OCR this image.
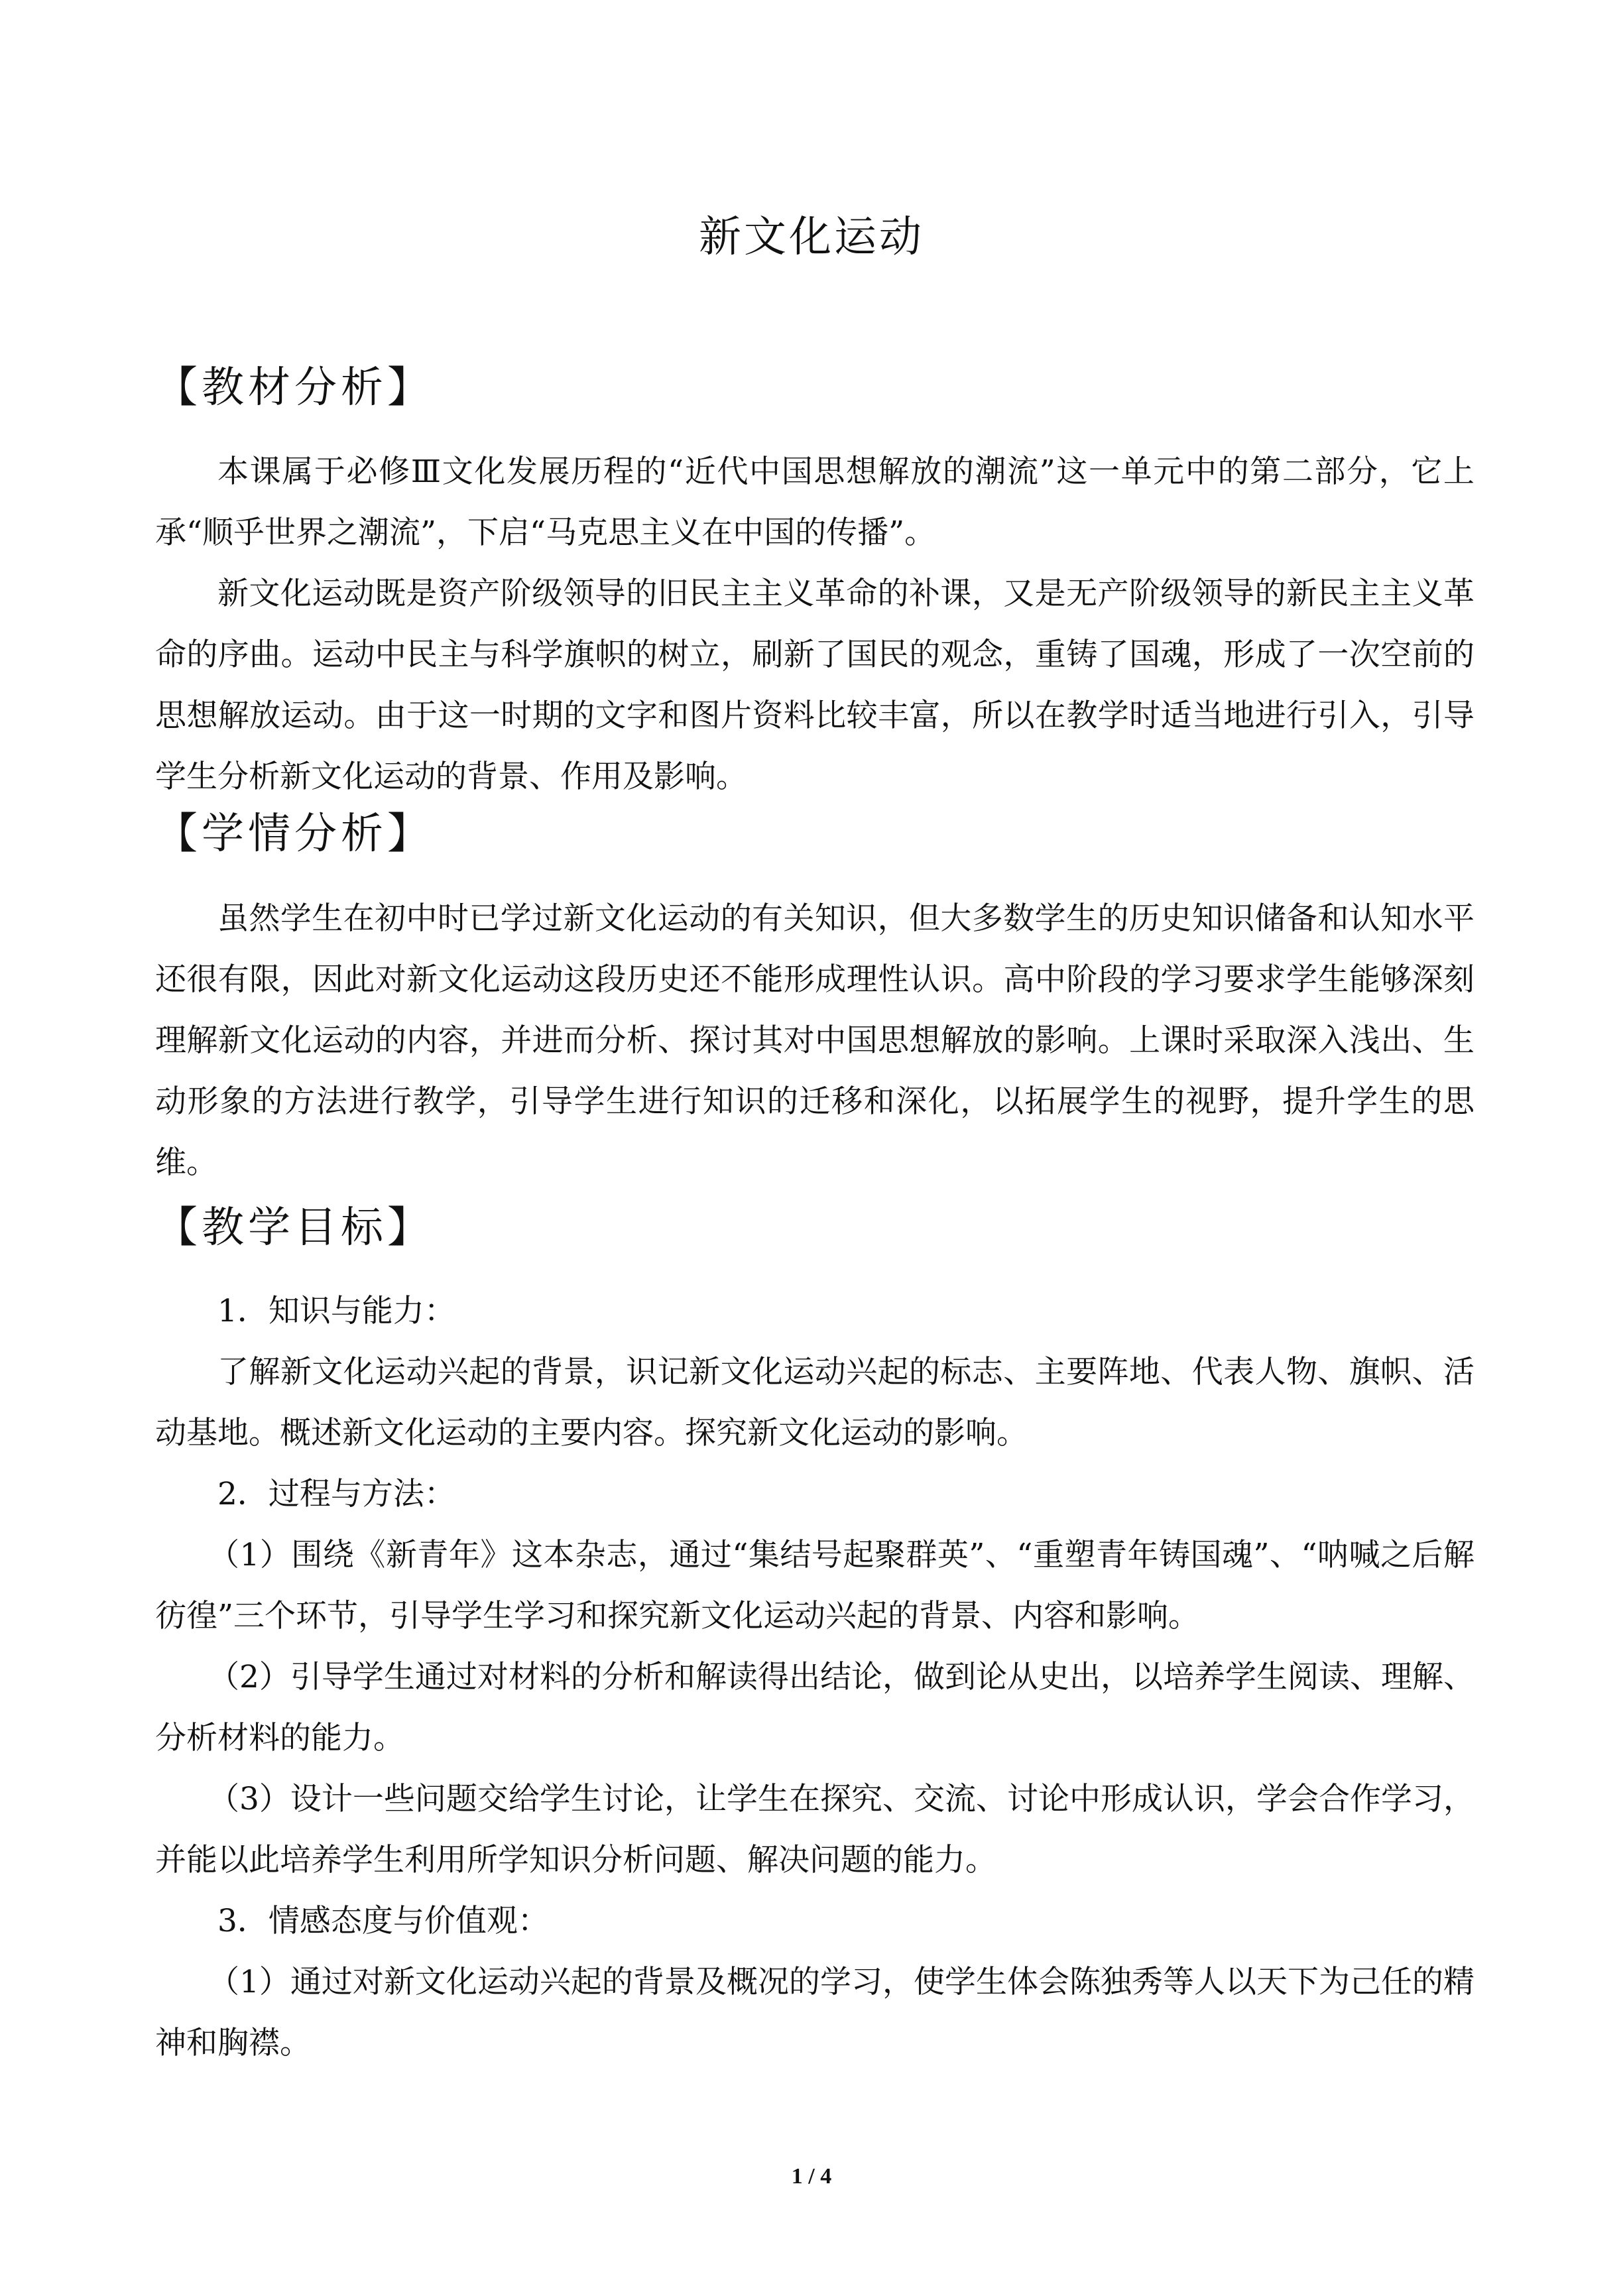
新文化运动
【教材分析】

本课属于必修Ⅲ文化发展历程的“近代中国思想解放的潮流”这一单元中的第二部分，它上承“顺乎世界之潮流”，下启“马克思主义在中国的传播”。

新文化运动既是资产阶级领导的旧民主主义革命的补课，又是无产阶级领导的新民主主义革命的序曲。运动中民主与科学旗帜的树立，刷新了国民的观念，重铸了国魂，形成了一次空前的思想解放运动。由于这一时期的文字和图片资料比较丰富，所以在教学时适当地进行引入，引导学生分析新文化运动的背景、作用及影响。

【学情分析】

虽然学生在初中时已学过新文化运动的有关知识，但大多数学生的历史知识储备和认知水平还很有限，因此对新文化运动这段历史还不能形成理性认识。高中阶段的学习要求学生能够深刻理解新文化运动的内容，并进而分析、探讨其对中国思想解放的影响。上课时采取深入浅出、生动形象的方法进行教学，引导学生进行知识的迁移和深化，以拓展学生的视野，提升学生的思维。

【教学目标】

1．知识与能力：

了解新文化运动兴起的背景，识记新文化运动兴起的标志、主要阵地、代表人物、旗帜、活动基地。概述新文化运动的主要内容。探究新文化运动的影响。

2．过程与方法：

（1）围绕《新青年》这本杂志，通过“集结号起聚群英”、“重塑青年铸国魂”、“呐喊之后解彷徨”三个环节，引导学生学习和探究新文化运动兴起的背景、内容和影响。

（2）引导学生通过对材料的分析和解读得出结论，做到论从史出，以培养学生阅读、理解、分析材料的能力。

（3）设计一些问题交给学生讨论，让学生在探究、交流、讨论中形成认识，学会合作学习，并能以此培养学生利用所学知识分析问题、解决问题的能力。

3．情感态度与价值观：

（1）通过对新文化运动兴起的背景及概况的学习，使学生体会陈独秀等人以天下为己任的精神和胸襟。

1 / 4
